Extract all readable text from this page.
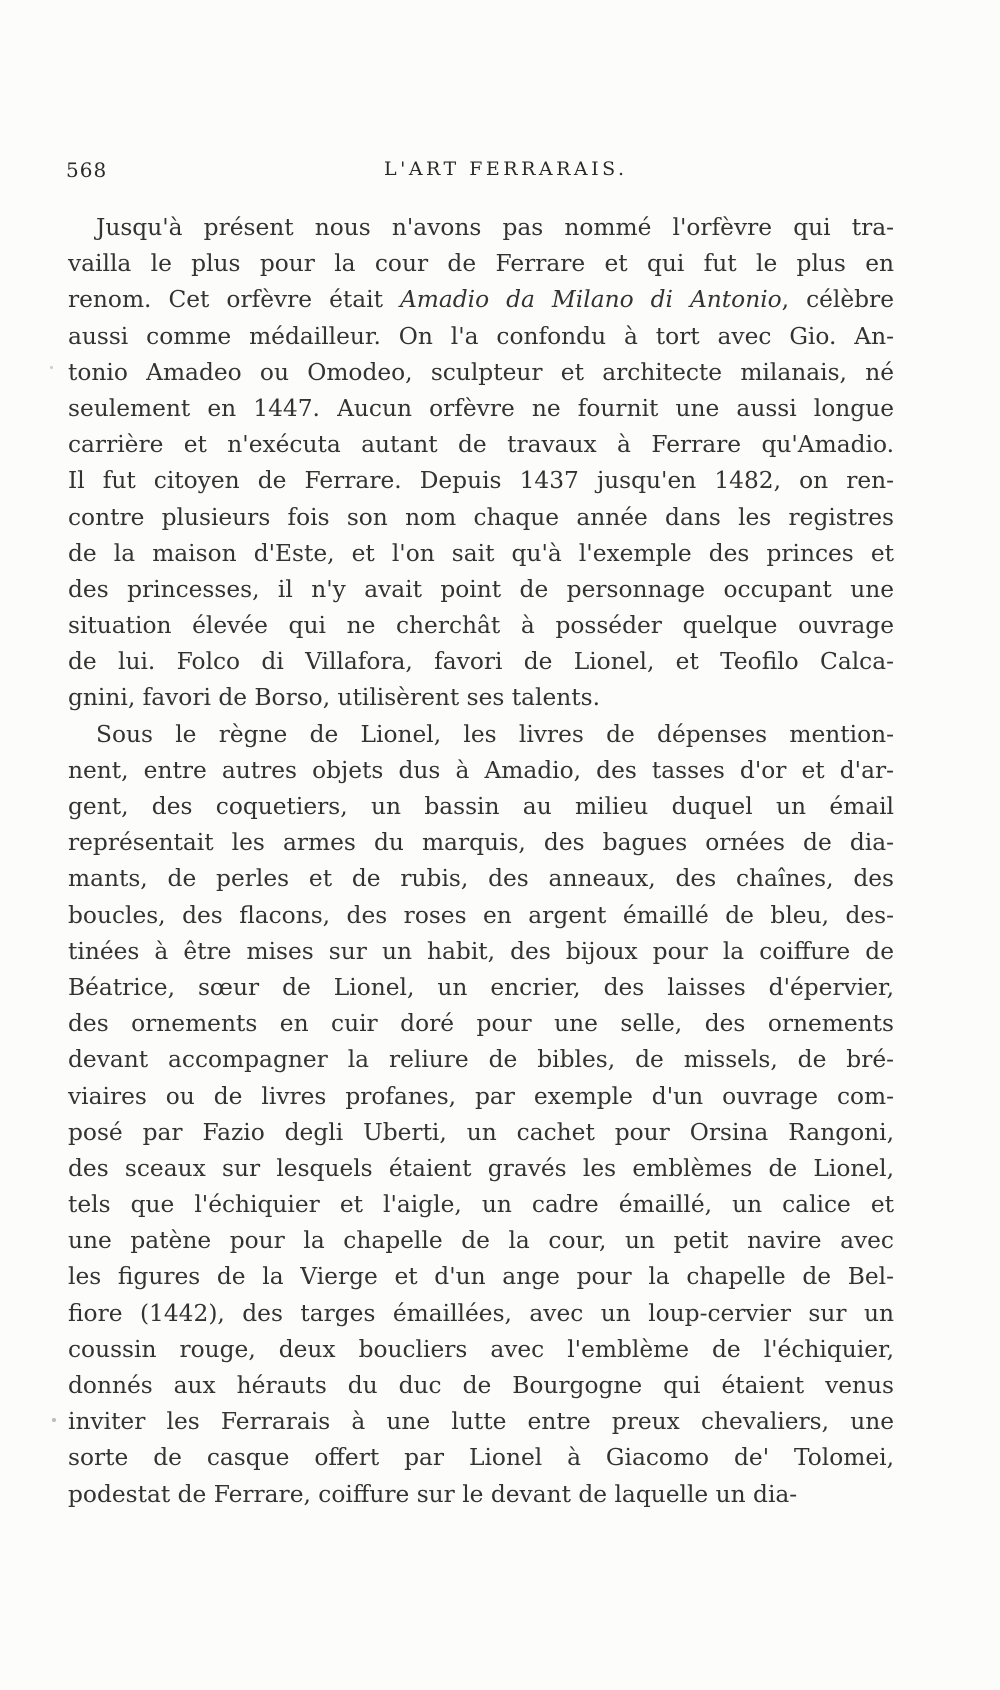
568	L'ART FERRARAIS.
Jusqu'à présent nous n'avons pas nommé l'orfèvre qui tra-
vailla le plus pour la cour de Ferrare et qui fut le plus en
renom. Cet orfèvre était Amadio da Milano di Antonio, célèbre
aussi comme médailleur. On l'a confondu à tort avec Gio. An-
tonio Amadeo ou Omodeo, sculpteur et architecte milanais, né
seulement en 1447. Aucun orfèvre ne fournit une aussi longue
carrière et n'exécuta autant de travaux à Ferrare qu'Amadio.
Il fut citoyen de Ferrare. Depuis 1437 jusqu'en 1482, on ren-
contre plusieurs fois son nom chaque année dans les registres
de la maison d'Este, et l'on sait qu'à l'exemple des princes et
des princesses, il n'y avait point de personnage occupant une
situation élevée qui ne cherchât à posséder quelque ouvrage
de lui. Folco di Villafora, favori de Lionel, et Teofilo Calca-
gnini, favori de Borso, utilisèrent ses talents.
Sous le règne de Lionel, les livres de dépenses mention-
nent, entre autres objets dus à Amadio, des tasses d'or et d'ar-
gent, des coquetiers, un bassin au milieu duquel un émail
représentait les armes du marquis, des bagues ornées de dia-
mants, de perles et de rubis, des anneaux, des chaînes, des
boucles, des flacons, des roses en argent émaillé de bleu, des-
tinées à être mises sur un habit, des bijoux pour la coiffure de
Béatrice, sœur de Lionel, un encrier, des laisses d'épervier,
des ornements en cuir doré pour une selle, des ornements
devant accompagner la reliure de bibles, de missels, de bré-
viaires ou de livres profanes, par exemple d'un ouvrage com-
posé par Fazio degli Uberti, un cachet pour Orsina Rangoni,
des sceaux sur lesquels étaient gravés les emblèmes de Lionel,
tels que l'échiquier et l'aigle, un cadre émaillé, un calice et
une patène pour la chapelle de la cour, un petit navire avec
les figures de la Vierge et d'un ange pour la chapelle de Bel-
fiore (1442), des targes émaillées, avec un loup-cervier sur un
coussin rouge, deux boucliers avec l'emblème de l'échiquier,
donnés aux hérauts du duc de Bourgogne qui étaient venus
inviter les Ferrarais à une lutte entre preux chevaliers, une
sorte de casque offert par Lionel à Giacomo de' Tolomei,
podestat de Ferrare, coiffure sur le devant de laquelle un dia-
